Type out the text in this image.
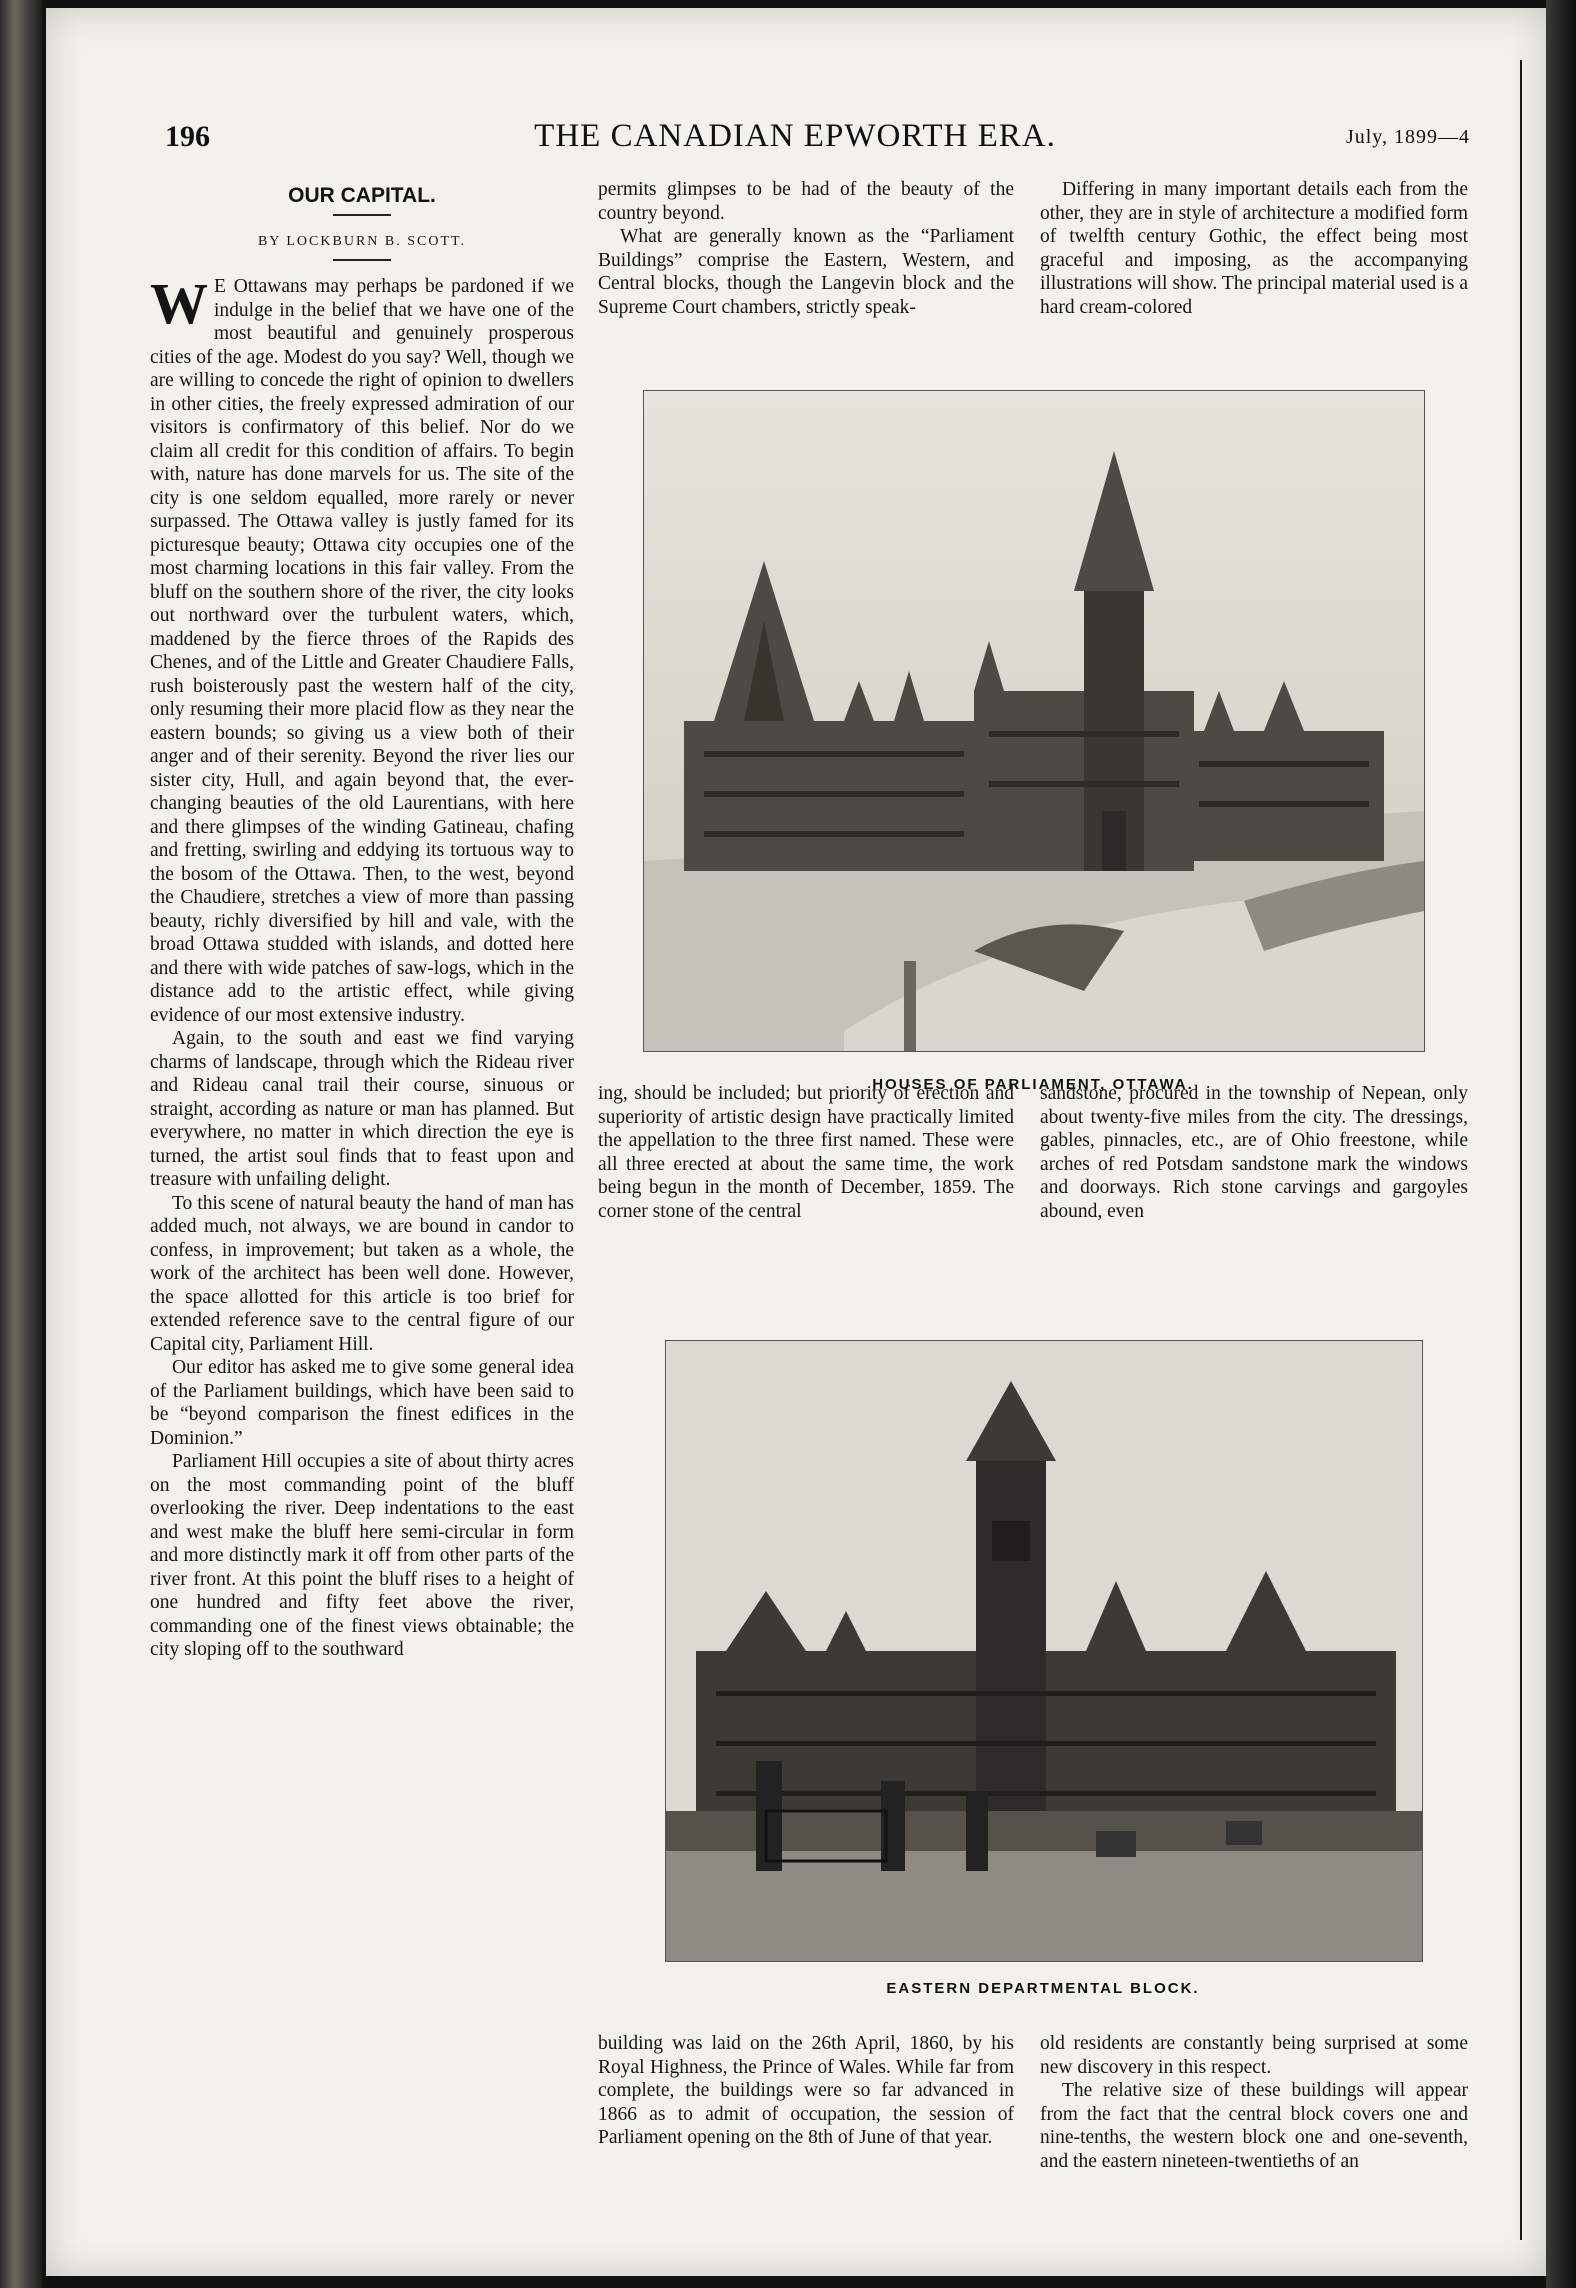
196	THE CANADIAN EPWORTH ERA.	July, 1899—4
OUR CAPITAL.
BY LOCKBURN B. SCOTT.

W E Ottawans may perhaps be pardoned if we indulge in the belief that we have one of the most beautiful and genuinely prosperous cities of the age. Modest do you say? Well, though we are willing to concede the right of opinion to dwellers in other cities, the freely expressed admiration of our visitors is confirmatory of this belief. Nor do we claim all credit for this condition of affairs. To begin with, nature has done marvels for us. The site of the city is one seldom equalled, more rarely or never surpassed. The Ottawa valley is justly famed for its picturesque beauty; Ottawa city occupies one of the most charming locations in this fair valley. From the bluff on the southern shore of the river, the city looks out northward over the turbulent waters, which, maddened by the fierce throes of the Rapids des Chenes, and of the Little and Greater Chaudiere Falls, rush boisterously past the western half of the city, only resuming their more placid flow as they near the eastern bounds; so giving us a view both of their anger and of their serenity. Beyond the river lies our sister city, Hull, and again beyond that, the ever-changing beauties of the old Laurentians, with here and there glimpses of the winding Gatineau, chafing and fretting, swirling and eddying its tortuous way to the bosom of the Ottawa. Then, to the west, beyond the Chaudiere, stretches a view of more than passing beauty, richly diversified by hill and vale, with the broad Ottawa studded with islands, and dotted here and there with wide patches of saw-logs, which in the distance add to the artistic effect, while giving evidence of our most extensive industry.

Again, to the south and east we find varying charms of landscape, through which the Rideau river and Rideau canal trail their course, sinuous or straight, according as nature or man has planned. But everywhere, no matter in which direction the eye is turned, the artist soul finds that to feast upon and treasure with unfailing delight.

To this scene of natural beauty the hand of man has added much, not always, we are bound in candor to confess, in improvement; but taken as a whole, the work of the architect has been well done. However, the space allotted for this article is too brief for extended reference save to the central figure of our Capital city, Parliament Hill.

Our editor has asked me to give some general idea of the Parliament buildings, which have been said to be “beyond comparison the finest edifices in the Dominion.”

Parliament Hill occupies a site of about thirty acres on the most commanding point of the bluff overlooking the river. Deep indentations to the east and west make the bluff here semi-circular in form and more distinctly mark it off from other parts of the river front. At this point the bluff rises to a height of one hundred and fifty feet above the river, commanding one of the finest views obtainable; the city sloping off to the southward

permits glimpses to be had of the beauty of the country beyond.

What are generally known as the “Parliament Buildings” comprise the Eastern, Western, and Central blocks, though the Langevin block and the Supreme Court chambers, strictly speak-

Differing in many important details each from the other, they are in style of architecture a modified form of twelfth century Gothic, the effect being most graceful and imposing, as the accompanying illustrations will show. The principal material used is a hard cream-colored

HOUSES OF PARLIAMENT, OTTAWA.

ing, should be included; but priority of erection and superiority of artistic design have practically limited the appellation to the three first named. These were all three erected at about the same time, the work being begun in the month of December, 1859. The corner stone of the central

sandstone, procured in the township of Nepean, only about twenty-five miles from the city. The dressings, gables, pinnacles, etc., are of Ohio freestone, while arches of red Potsdam sandstone mark the windows and doorways. Rich stone carvings and gargoyles abound, even

EASTERN DEPARTMENTAL BLOCK.

building was laid on the 26th April, 1860, by his Royal Highness, the Prince of Wales. While far from complete, the buildings were so far advanced in 1866 as to admit of occupation, the session of Parliament opening on the 8th of June of that year.

old residents are constantly being surprised at some new discovery in this respect.

The relative size of these buildings will appear from the fact that the central block covers one and nine-tenths, the western block one and one-seventh, and the eastern nineteen-twentieths of an
